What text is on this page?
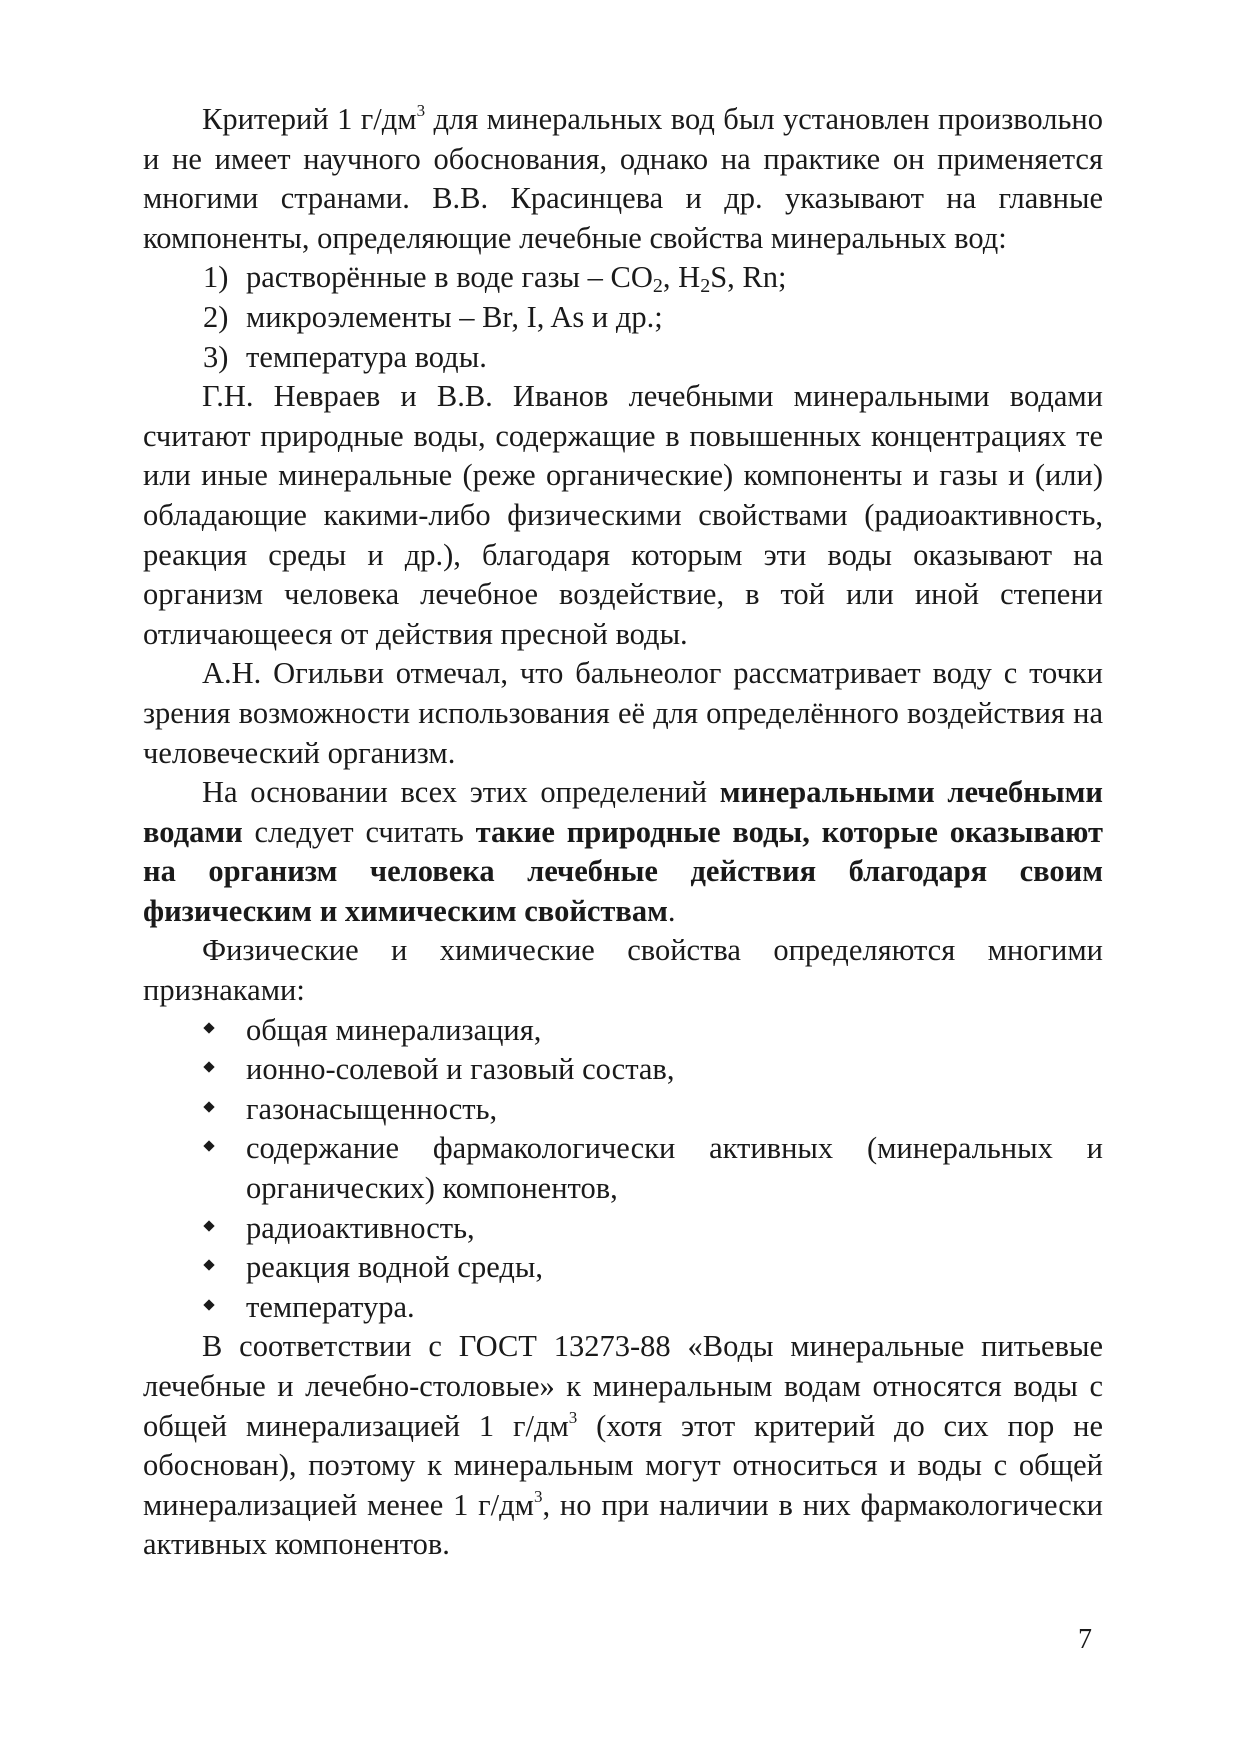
Критерий 1 $г/дм^3$ для минеральных вод был установлен произвольно и не имеет научного обоснования, однако на практике он применяется многими странами. В.В. Красинцева и др. указывают на главные компоненты, определяющие лечебные свойства минеральных вод:

1) растворённые в воде газы – $CO_2$, $H_2S$, Rn;
2) микроэлементы – Br, I, As и др.;
3) температура воды.

Г.Н. Невраев и В.В. Иванов лечебными минеральными водами считают природные воды, содержащие в повышенных концентрациях те или иные минеральные (реже органические) компоненты и газы и (или) обладающие какими-либо физическими свойствами (радиоактивность, реакция среды и др.), благодаря которым эти воды оказывают на организм человека лечебное воздействие, в той или иной степени отличающееся от действия пресной воды.

А.Н. Огильви отмечал, что бальнеолог рассматривает воду с точки зрения возможности использования её для определённого воздействия на человеческий организм.

На основании всех этих определений минеральными лечебными водами следует считать такие природные воды, которые оказывают на организм человека лечебные действия благодаря своим физическим и химическим свойствам.

Физические и химические свойства определяются многими признаками:

общая минерализация,
ионно-солевой и газовый состав,
газонасыщенность,
содержание фармакологически активных (минеральных и органических) компонентов,
радиоактивность,
реакция водной среды,
температура.

В соответствии с ГОСТ 13273-88 «Воды минеральные питьевые лечебные и лечебно-столовые» к минеральным водам относятся воды с общей минерализацией 1 $г/дм^3$ (хотя этот критерий до сих пор не обоснован), поэтому к минеральным могут относиться и воды с общей минерализацией менее 1 $г/дм^3$, но при наличии в них фармакологически активных компонентов.

7
